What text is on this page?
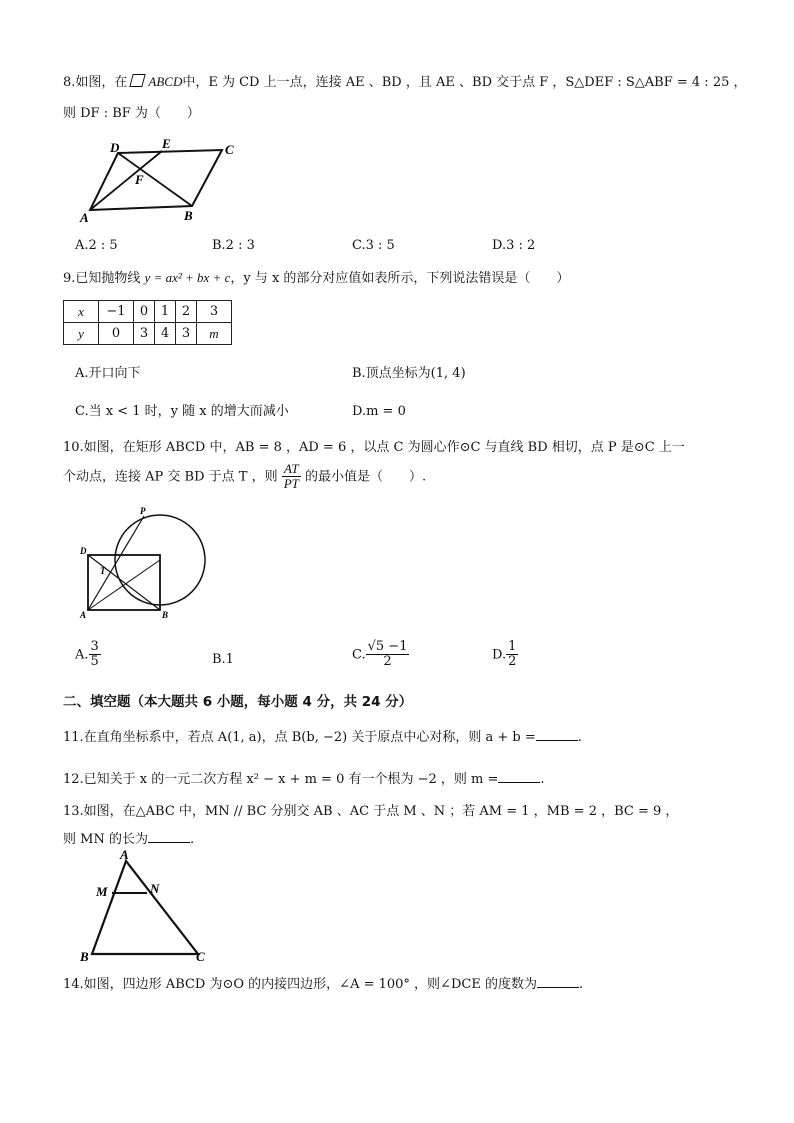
8.如图，在 ABCD中，E 为 CD 上一点，连接 AE 、BD ，且 AE 、BD 交于点 F ，S△DEF : S△ABF = 4 : 25 ，
则 DF : BF 为（　　）
D	E	C
F
A	B
A.2 : 5	B.2 : 3	C.3 : 5	D.3 : 2
9.已知抛物线 y = ax² + bx + c，y 与 x 的部分对应值如表所示，下列说法错误是（　　）
x	−1	0	1	2	3
y	0	3	4	3	m
A.开口向下	B.顶点坐标为(1, 4)
C.当 x < 1 时，y 随 x 的增大而减小	D.m = 0
10.如图，在矩形 ABCD 中，AB = 8 ，AD = 6 ，以点 C 为圆心作⊙C 与直线 BD 相切，点 P 是⊙C 上一
个动点，连接 AP 交 BD 于点 T ，则 $\frac{AT}{PT}$ 的最小值是（　　）.
P
D
T
A	B
A. $\frac{3}{5}$	B.1	C. $\frac{√5 -1}{2}$	D. $\frac{1}{2}$
二、填空题（本大题共 6 小题，每小题 4 分，共 24 分）
11.在直角坐标系中，若点 A(1, a)，点 B(b, −2) 关于原点中心对称，则 a + b =	.
12.已知关于 x 的一元二次方程 x² − x + m = 0 有一个根为 −2 ，则 m =	.
13.如图，在△ABC 中，MN // BC 分别交 AB 、AC 于点 M 、N ；若 AM = 1 ，MB = 2 ，BC = 9 ，
则 MN 的长为	.
A
M	N
B	C
14.如图，四边形 ABCD 为⊙O 的内接四边形，∠A = 100° ，则∠DCE 的度数为	.
